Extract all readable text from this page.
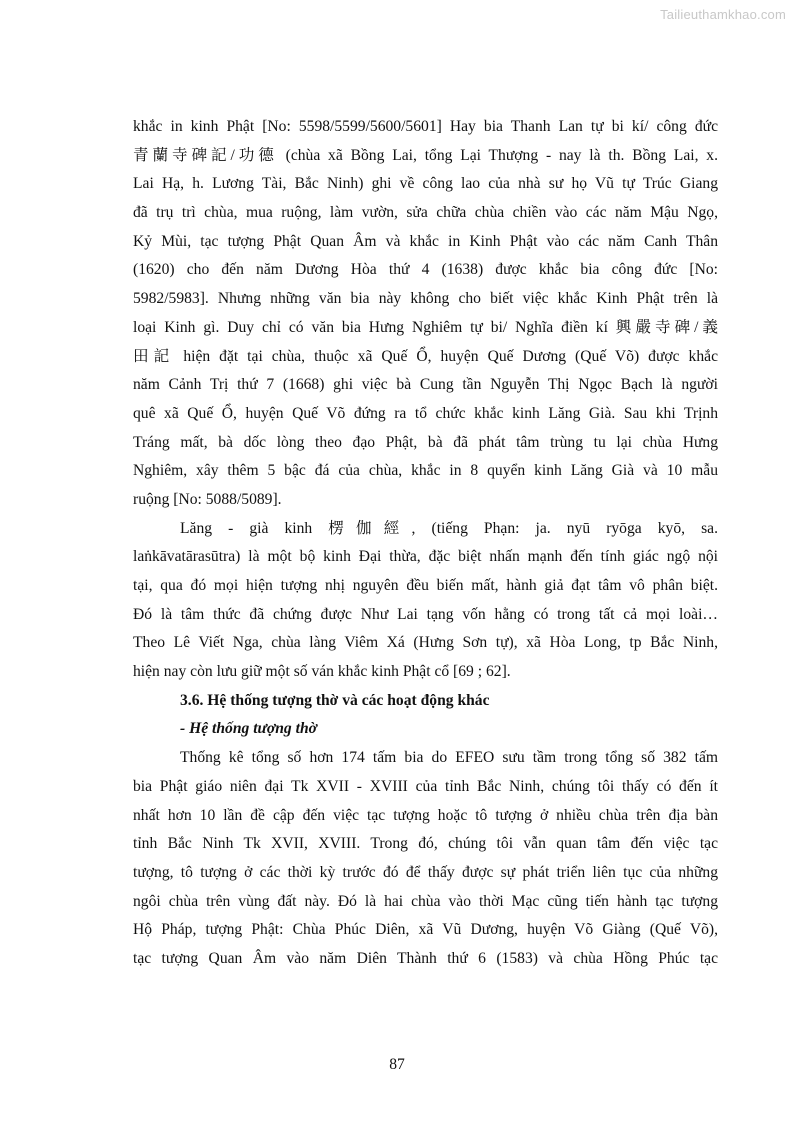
Tailieuthamkhao.com
khắc in kinh Phật [No: 5598/5599/5600/5601] Hay bia Thanh Lan tự bi kí/ công đức
青蘭寺碑記/功德 (chùa xã Bồng Lai, tổng Lại Thượng - nay là th. Bồng Lai, x.
Lai Hạ, h. Lương Tài, Bắc Ninh) ghi về công lao của nhà sư họ Vũ tự Trúc Giang
đã trụ trì chùa, mua ruộng, làm vườn, sửa chữa chùa chiền vào các năm Mậu Ngọ,
Kỷ Mùi, tạc tượng Phật Quan Âm và khắc in Kinh Phật vào các năm Canh Thân
(1620) cho đến năm Dương Hòa thứ 4 (1638) được khắc bia công đức [No:
5982/5983]. Nhưng những văn bia này không cho biết việc khắc Kinh Phật trên là
loại Kinh gì. Duy chỉ có văn bia Hưng Nghiêm tự bi/ Nghĩa điền kí 興嚴寺碑/義
田記 hiện đặt tại chùa, thuộc xã Quế Ổ, huyện Quế Dương (Quế Võ) được khắc
năm Cảnh Trị thứ 7 (1668) ghi việc bà Cung tần Nguyễn Thị Ngọc Bạch là người
quê xã Quế Ổ, huyện Quế Võ đứng ra tổ chức khắc kinh Lăng Già. Sau khi Trịnh
Tráng mất, bà dốc lòng theo đạo Phật, bà đã phát tâm trùng tu lại chùa Hưng
Nghiêm, xây thêm 5 bậc đá của chùa, khắc in 8 quyển kinh Lăng Già và 10 mẫu
ruộng [No: 5088/5089].
Lăng - già kinh 楞伽經, (tiếng Phạn: ja. nyū ryōga kyō, sa.
laṅkāvatārasūtra) là một bộ kinh Đại thừa, đặc biệt nhấn mạnh đến tính giác ngộ nội
tại, qua đó mọi hiện tượng nhị nguyên đều biến mất, hành giả đạt tâm vô phân biệt.
Đó là tâm thức đã chứng được Như Lai tạng vốn hằng có trong tất cả mọi loài…
Theo Lê Viết Nga, chùa làng Viêm Xá (Hưng Sơn tự), xã Hòa Long, tp Bắc Ninh,
hiện nay còn lưu giữ một số ván khắc kinh Phật cổ [69 ; 62].
3.6. Hệ thống tượng thờ và các hoạt động khác
- Hệ thống tượng thờ
Thống kê tổng số hơn 174 tấm bia do EFEO sưu tầm trong tổng số 382 tấm
bia Phật giáo niên đại Tk XVII - XVIII của tỉnh Bắc Ninh, chúng tôi thấy có đến ít
nhất hơn 10 lần đề cập đến việc tạc tượng hoặc tô tượng ở nhiều chùa trên địa bàn
tỉnh Bắc Ninh Tk XVII, XVIII. Trong đó, chúng tôi vẫn quan tâm đến việc tạc
tượng, tô tượng ở các thời kỳ trước đó để thấy được sự phát triển liên tục của những
ngôi chùa trên vùng đất này. Đó là hai chùa vào thời Mạc cũng tiến hành tạc tượng
Hộ Pháp, tượng Phật: Chùa Phúc Diên, xã Vũ Dương, huyện Võ Giàng (Quế Võ),
tạc tượng Quan Âm vào năm Diên Thành thứ 6 (1583) và chùa Hồng Phúc tạc
87
